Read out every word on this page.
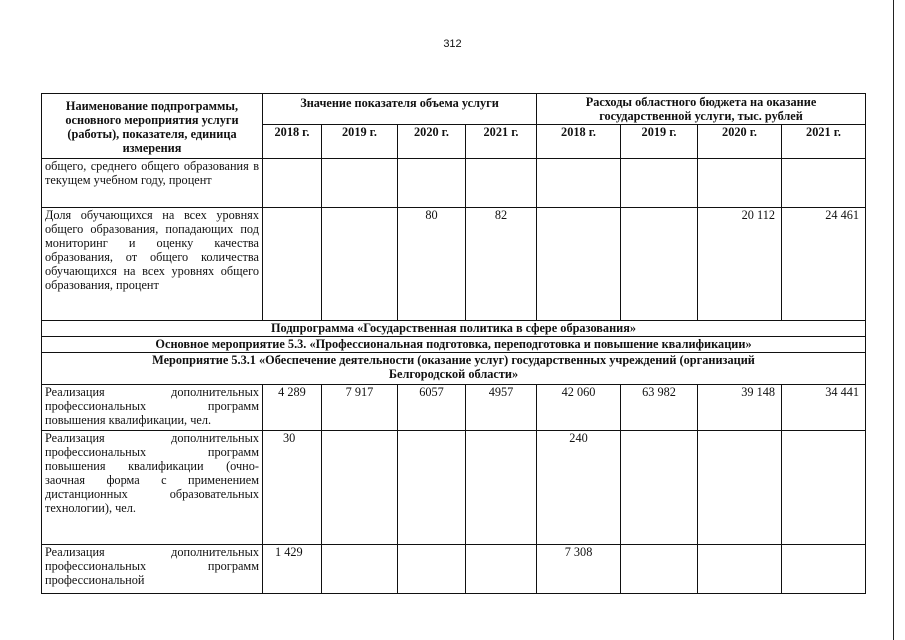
312
Наименование подпрограммы, основного мероприятия услуги (работы), показателя, единица измерения	Значение показателя объема услуги				Расходы областного бюджета на оказание государственной услуги, тыс. рублей			
	2018 г.	2019 г.	2020 г.	2021 г.	2018 г.	2019 г.	2020 г.	2021 г.
общего, среднего общего образования в текущем учебном году, процент								
Доля обучающихся на всех уровнях общего образования, попадающих под мониторинг и оценку качества образования, от общего количества обучающихся на всех уровнях общего образования, процент			80	82			20 112	24 461
Подпрограмма «Государственная политика в сфере образования»								
Основное мероприятие 5.3. «Профессиональная подготовка, переподготовка и повышение квалификации»								
Мероприятие 5.3.1 «Обеспечение деятельности (оказание услуг) государственных учреждений (организаций
Белгородской области»								
Реализация дополнительных профессиональных программ повышения квалификации, чел.	4 289	7 917	6057	4957	42 060	63 982	39 148	34 441
Реализация дополнительных профессиональных программ повышения квалификации (очно-заочная форма с применением дистанционных образовательных технологии), чел.	30				240			
Реализация дополнительных профессиональных программ профессиональной	1 429				7 308			
